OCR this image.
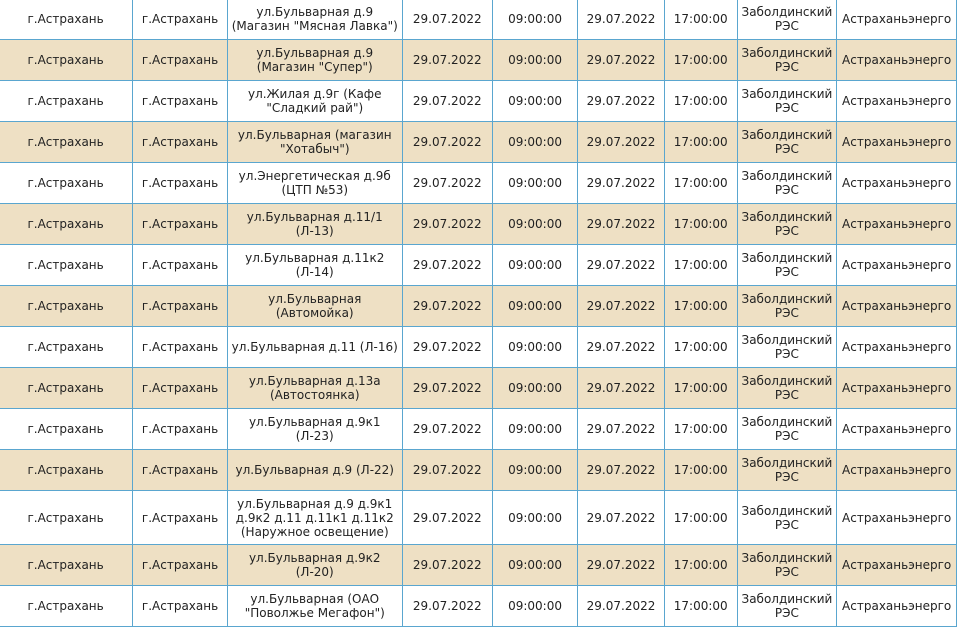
г.Астрахань	г.Астрахань	ул.Бульварная д.9 (Магазин "Мясная Лавка")	29.07.2022	09:00:00	29.07.2022	17:00:00	Заболдинский РЭС	Астраханьэнерго
г.Астрахань	г.Астрахань	ул.Бульварная д.9 (Магазин "Супер")	29.07.2022	09:00:00	29.07.2022	17:00:00	Заболдинский РЭС	Астраханьэнерго
г.Астрахань	г.Астрахань	ул.Жилая д.9г (Кафе "Сладкий рай")	29.07.2022	09:00:00	29.07.2022	17:00:00	Заболдинский РЭС	Астраханьэнерго
г.Астрахань	г.Астрахань	ул.Бульварная (магазин "Хотабыч")	29.07.2022	09:00:00	29.07.2022	17:00:00	Заболдинский РЭС	Астраханьэнерго
г.Астрахань	г.Астрахань	ул.Энергетическая д.9б (ЦТП №53)	29.07.2022	09:00:00	29.07.2022	17:00:00	Заболдинский РЭС	Астраханьэнерго
г.Астрахань	г.Астрахань	ул.Бульварная д.11/1 (Л-13)	29.07.2022	09:00:00	29.07.2022	17:00:00	Заболдинский РЭС	Астраханьэнерго
г.Астрахань	г.Астрахань	ул.Бульварная д.11к2 (Л-14)	29.07.2022	09:00:00	29.07.2022	17:00:00	Заболдинский РЭС	Астраханьэнерго
г.Астрахань	г.Астрахань	ул.Бульварная (Автомойка)	29.07.2022	09:00:00	29.07.2022	17:00:00	Заболдинский РЭС	Астраханьэнерго
г.Астрахань	г.Астрахань	ул.Бульварная д.11 (Л-16)	29.07.2022	09:00:00	29.07.2022	17:00:00	Заболдинский РЭС	Астраханьэнерго
г.Астрахань	г.Астрахань	ул.Бульварная д.13а (Автостоянка)	29.07.2022	09:00:00	29.07.2022	17:00:00	Заболдинский РЭС	Астраханьэнерго
г.Астрахань	г.Астрахань	ул.Бульварная д.9к1 (Л-23)	29.07.2022	09:00:00	29.07.2022	17:00:00	Заболдинский РЭС	Астраханьэнерго
г.Астрахань	г.Астрахань	ул.Бульварная д.9 (Л-22)	29.07.2022	09:00:00	29.07.2022	17:00:00	Заболдинский РЭС	Астраханьэнерго
г.Астрахань	г.Астрахань	ул.Бульварная д.9 д.9к1 д.9к2 д.11 д.11к1 д.11к2 (Наружное освещение)	29.07.2022	09:00:00	29.07.2022	17:00:00	Заболдинский РЭС	Астраханьэнерго
г.Астрахань	г.Астрахань	ул.Бульварная д.9к2 (Л-20)	29.07.2022	09:00:00	29.07.2022	17:00:00	Заболдинский РЭС	Астраханьэнерго
г.Астрахань	г.Астрахань	ул.Бульварная (ОАО "Поволжье Мегафон")	29.07.2022	09:00:00	29.07.2022	17:00:00	Заболдинский РЭС	Астраханьэнерго
